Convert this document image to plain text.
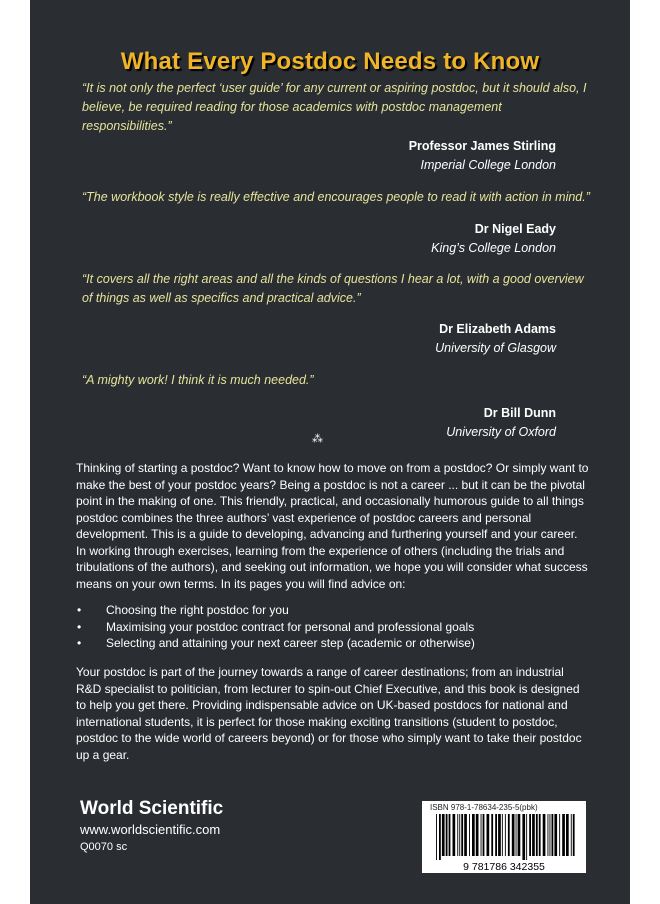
What Every Postdoc Needs to Know
“It is not only the perfect ‘user guide’ for any current or aspiring postdoc, but it should also, I believe, be required reading for those academics with postdoc management responsibilities.”
Professor James Stirling
Imperial College London
“The workbook style is really effective and encourages people to read it with action in mind.”
Dr Nigel Eady
King’s College London
“It covers all the right areas and all the kinds of questions I hear a lot, with a good overview of things as well as specifics and practical advice.”
Dr Elizabeth Adams
University of Glasgow
“A mighty work! I think it is much needed.”
Dr Bill Dunn
University of Oxford
⁂
Thinking of starting a postdoc? Want to know how to move on from a postdoc? Or simply want to make the best of your postdoc years? Being a postdoc is not a career ... but it can be the pivotal point in the making of one. This friendly, practical, and occasionally humorous guide to all things postdoc combines the three authors’ vast experience of postdoc careers and personal development. This is a guide to developing, advancing and furthering yourself and your career. In working through exercises, learning from the experience of others (including the trials and tribulations of the authors), and seeking out information, we hope you will consider what success means on your own terms. In its pages you will find advice on:
• Choosing the right postdoc for you
• Maximising your postdoc contract for personal and professional goals
• Selecting and attaining your next career step (academic or otherwise)
Your postdoc is part of the journey towards a range of career destinations; from an industrial R&D specialist to politician, from lecturer to spin-out Chief Executive, and this book is designed to help you get there. Providing indispensable advice on UK-based postdocs for national and international students, it is perfect for those making exciting transitions (student to postdoc, postdoc to the wide world of careers beyond) or for those who simply want to take their postdoc up a gear.
World Scientific
www.worldscientific.com
Q0070 sc
ISBN 978-1-78634-235-5(pbk)
9 781786 342355
